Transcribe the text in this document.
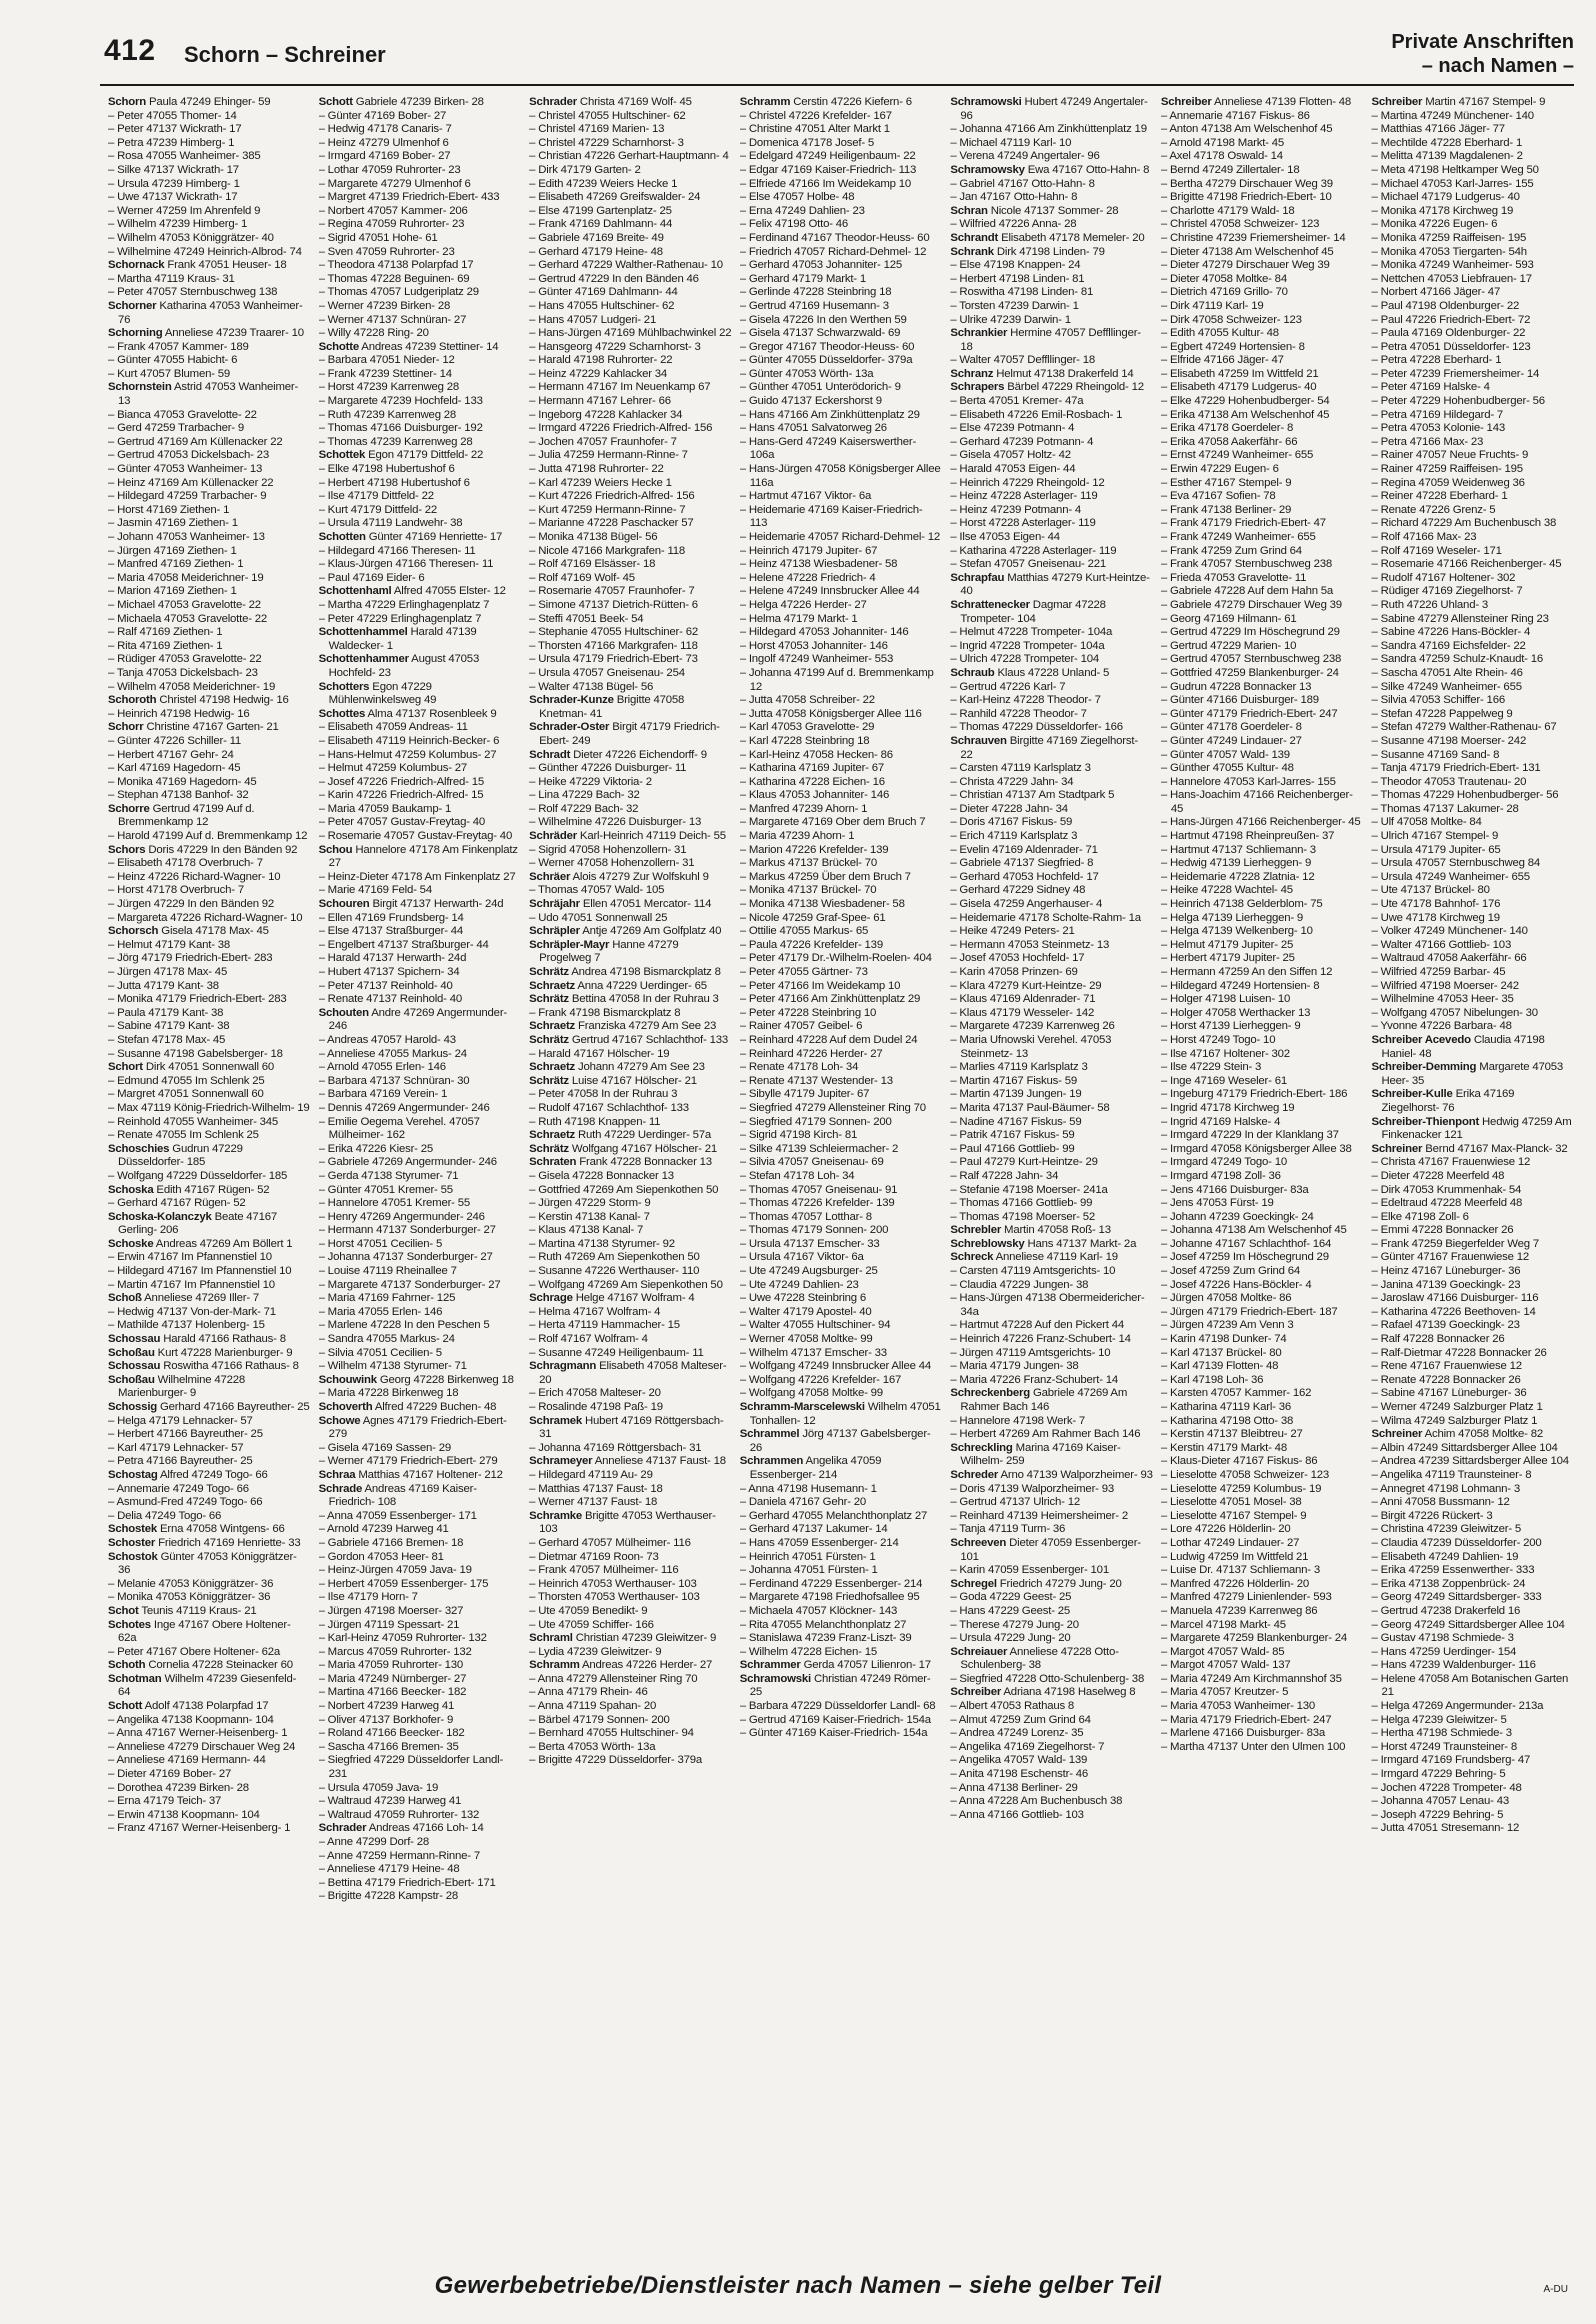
412 Schorn – Schreiner	Private Anschriften
– nach Namen –
Schorn Paula 47249 Ehinger- 59
– Peter 47055 Thomer- 14
– Peter 47137 Wickrath- 17
– Petra 47239 Himberg- 1
– Rosa 47055 Wanheimer- 385
– Silke 47137 Wickrath- 17
– Ursula 47239 Himberg- 1
– Uwe 47137 Wickrath- 17
– Werner 47259 Im Ahrenfeld 9
– Wilhelm 47239 Himberg- 1
– Wilhelm 47053 Königgrätzer- 40
– Wilhelmine 47249 Heinrich-Albrod- 74
Schornack Frank 47051 Heuser- 18
– Martha 47119 Kraus- 31
– Peter 47057 Sternbuschweg 138
Schorner Katharina 47053 Wanheimer- 76
Schorning Anneliese 47239 Traarer- 10
– Frank 47057 Kammer- 189
– Günter 47055 Habicht- 6
– Kurt 47057 Blumen- 59
Schornstein Astrid 47053 Wanheimer- 13
– Bianca 47053 Gravelotte- 22
– Gerd 47259 Trarbacher- 9
– Gertrud 47169 Am Küllenacker 22
– Gertrud 47053 Dickelsbach- 23
– Günter 47053 Wanheimer- 13
– Heinz 47169 Am Küllenacker 22
– Hildegard 47259 Trarbacher- 9
– Horst 47169 Ziethen- 1
– Jasmin 47169 Ziethen- 1
– Johann 47053 Wanheimer- 13
– Jürgen 47169 Ziethen- 1
– Manfred 47169 Ziethen- 1
– Maria 47058 Meiderichner- 19
– Marion 47169 Ziethen- 1
– Michael 47053 Gravelotte- 22
– Michaela 47053 Gravelotte- 22
– Ralf 47169 Ziethen- 1
– Rita 47169 Ziethen- 1
– Rüdiger 47053 Gravelotte- 22
– Tanja 47053 Dickelsbach- 23
– Wilhelm 47058 Meiderichner- 19
Schoroth Christel 47198 Hedwig- 16
– Heinrich 47198 Hedwig- 16
Schorr Christine 47167 Garten- 21
– Günter 47226 Schiller- 11
– Herbert 47167 Gehr- 24
– Karl 47169 Hagedorn- 45
– Monika 47169 Hagedorn- 45
– Stephan 47138 Banhof- 32
Schorre Gertrud 47199 Auf d. Bremmenkamp 12
– Harold 47199 Auf d. Bremmenkamp 12
Schors Doris 47229 In den Bänden 92
– Elisabeth 47178 Overbruch- 7
– Heinz 47226 Richard-Wagner- 10
– Horst 47178 Overbruch- 7
– Jürgen 47229 In den Bänden 92
– Margareta 47226 Richard-Wagner- 10
Schorsch Gisela 47178 Max- 45
– Helmut 47179 Kant- 38
– Jörg 47179 Friedrich-Ebert- 283
– Jürgen 47178 Max- 45
– Jutta 47179 Kant- 38
– Monika 47179 Friedrich-Ebert- 283
– Paula 47179 Kant- 38
– Sabine 47179 Kant- 38
– Stefan 47178 Max- 45
– Susanne 47198 Gabelsberger- 18
Schort Dirk 47051 Sonnenwall 60
– Edmund 47055 Im Schlenk 25
– Margret 47051 Sonnenwall 60
– Max 47119 König-Friedrich-Wilhelm- 19
– Reinhold 47055 Wanheimer- 345
– Renate 47055 Im Schlenk 25
Schoschies Gudrun 47229 Düsseldorfer- 185
– Wolfgang 47229 Düsseldorfer- 185
Schoska Edith 47167 Rügen- 52
– Gerhard 47167 Rügen- 52
Schoska-Kolanczyk Beate 47167 Gerling- 206
Schoske Andreas 47269 Am Böllert 1
– Erwin 47167 Im Pfannenstiel 10
– Hildegard 47167 Im Pfannenstiel 10
– Martin 47167 Im Pfannenstiel 10
Schoß Anneliese 47269 Iller- 7
– Hedwig 47137 Von-der-Mark- 71
– Mathilde 47137 Holenberg- 15
Schossau Harald 47166 Rathaus- 8
Schoßau Kurt 47228 Marienburger- 9
Schossau Roswitha 47166 Rathaus- 8
Schoßau Wilhelmine 47228 Marienburger- 9
Schossig Gerhard 47166 Bayreuther- 25
– Helga 47179 Lehnacker- 57
– Herbert 47166 Bayreuther- 25
– Karl 47179 Lehnacker- 57
– Petra 47166 Bayreuther- 25
Schostag Alfred 47249 Togo- 66
– Annemarie 47249 Togo- 66
– Asmund-Fred 47249 Togo- 66
– Delia 47249 Togo- 66
Schostek Erna 47058 Wintgens- 66
Schoster Friedrich 47169 Henriette- 33
Schostok Günter 47053 Königgrätzer- 36
– Melanie 47053 Königgrätzer- 36
– Monika 47053 Königgrätzer- 36
Schot Teunis 47119 Kraus- 21
Schotes Inge 47167 Obere Holtener- 62a
– Peter 47167 Obere Holtener- 62a
Schoth Cornelia 47228 Steinacker 60
Schotman Wilhelm 47239 Giesenfeld- 64
Schott Adolf 47138 Polarpfad 17
– Angelika 47138 Koopmann- 104
– Anna 47167 Werner-Heisenberg- 1
– Anneliese 47279 Dirschauer Weg 24
– Anneliese 47169 Hermann- 44
– Dieter 47169 Bober- 27
– Dorothea 47239 Birken- 28
– Erna 47179 Teich- 37
– Erwin 47138 Koopmann- 104
– Franz 47167 Werner-Heisenberg- 1
Schott Gabriele 47239 Birken- 28
– Günter 47169 Bober- 27
– Hedwig 47178 Canaris- 7
– Heinz 47279 Ulmenhof 6
– Irmgard 47169 Bober- 27
– Lothar 47059 Ruhrorter- 23
– Margarete 47279 Ulmenhof 6
– Margret 47139 Friedrich-Ebert- 433
– Norbert 47057 Kammer- 206
– Regina 47059 Ruhrorter- 23
– Sigrid 47051 Hohe- 61
– Sven 47059 Ruhrorter- 23
– Theodora 47138 Polarpfad 17
– Thomas 47228 Beguinen- 69
– Thomas 47057 Ludgeriplatz 29
– Werner 47239 Birken- 28
– Werner 47137 Schnüran- 27
– Willy 47228 Ring- 20
Schotte Andreas 47239 Stettiner- 14
– Barbara 47051 Nieder- 12
– Frank 47239 Stettiner- 14
– Horst 47239 Karrenweg 28
– Margarete 47239 Hochfeld- 133
– Ruth 47239 Karrenweg 28
– Thomas 47166 Duisburger- 192
– Thomas 47239 Karrenweg 28
Schottek Egon 47179 Dittfeld- 22
– Elke 47198 Hubertushof 6
– Herbert 47198 Hubertushof 6
– Ilse 47179 Dittfeld- 22
– Kurt 47179 Dittfeld- 22
– Ursula 47119 Landwehr- 38
Schotten Günter 47169 Henriette- 17
– Hildegard 47166 Theresen- 11
– Klaus-Jürgen 47166 Theresen- 11
– Paul 47169 Eider- 6
Schottenhaml Alfred 47055 Elster- 12
– Martha 47229 Erlinghagenplatz 7
– Peter 47229 Erlinghagenplatz 7
Schottenhammel Harald 47139 Waldecker- 1
Schottenhammer August 47053 Hochfeld- 23
Schotters Egon 47229 Mühlenwinkelsweg 49
Schottes Alma 47137 Rosenbleek 9
– Elisabeth 47059 Andreas- 11
– Elisabeth 47119 Heinrich-Becker- 6
– Hans-Helmut 47259 Kolumbus- 27
– Helmut 47259 Kolumbus- 27
– Josef 47226 Friedrich-Alfred- 15
– Karin 47226 Friedrich-Alfred- 15
– Maria 47059 Baukamp- 1
– Peter 47057 Gustav-Freytag- 40
– Rosemarie 47057 Gustav-Freytag- 40
Schou Hannelore 47178 Am Finkenplatz 27
– Heinz-Dieter 47178 Am Finkenplatz 27
– Marie 47169 Feld- 54
Schouren Birgit 47137 Herwarth- 24d
– Ellen 47169 Frundsberg- 14
– Else 47137 Straßburger- 44
– Engelbert 47137 Straßburger- 44
– Harald 47137 Herwarth- 24d
– Hubert 47137 Spichern- 34
– Peter 47137 Reinhold- 40
– Renate 47137 Reinhold- 40
Schouten Andre 47269 Angermunder- 246
– Andreas 47057 Harold- 43
– Anneliese 47055 Markus- 24
– Arnold 47055 Erlen- 146
– Barbara 47137 Schnüran- 30
– Barbara 47169 Verein- 1
– Dennis 47269 Angermunder- 246
– Emilie Oegema Verehel. 47057 Mülheimer- 162
– Erika 47226 Kiesr- 25
– Gabriele 47269 Angermunder- 246
– Gerda 47138 Styrumer- 71
– Günter 47051 Kremer- 55
– Hannelore 47051 Kremer- 55
– Henry 47269 Angermunder- 246
– Hermann 47137 Sonderburger- 27
– Horst 47051 Cecilien- 5
– Johanna 47137 Sonderburger- 27
– Louise 47119 Rheinallee 7
– Margarete 47137 Sonderburger- 27
– Maria 47169 Fahrner- 125
– Maria 47055 Erlen- 146
– Marlene 47228 In den Peschen 5
– Sandra 47055 Markus- 24
– Silvia 47051 Cecilien- 5
– Wilhelm 47138 Styrumer- 71
Schouwink Georg 47228 Birkenweg 18
– Maria 47228 Birkenweg 18
Schoverth Alfred 47229 Buchen- 48
Schowe Agnes 47179 Friedrich-Ebert- 279
– Gisela 47169 Sassen- 29
– Werner 47179 Friedrich-Ebert- 279
Schraa Matthias 47167 Holtener- 212
Schrade Andreas 47169 Kaiser-Friedrich- 108
– Anna 47059 Essenberger- 171
– Arnold 47239 Harweg 41
– Gabriele 47166 Bremen- 18
– Gordon 47053 Heer- 81
– Heinz-Jürgen 47059 Java- 19
– Herbert 47059 Essenberger- 175
– Ilse 47179 Horn- 7
– Jürgen 47198 Moerser- 327
– Jürgen 47119 Spessart- 21
– Karl-Heinz 47059 Ruhrorter- 132
– Marcus 47059 Ruhrorter- 132
– Maria 47059 Ruhrorter- 130
– Maria 47249 Nürnberger- 27
– Martina 47166 Beecker- 182
– Norbert 47239 Harweg 41
– Oliver 47137 Borkhofer- 9
– Roland 47166 Beecker- 182
– Sascha 47166 Bremen- 35
– Siegfried 47229 Düsseldorfer Landl- 231
– Ursula 47059 Java- 19
– Waltraud 47239 Harweg 41
– Waltraud 47059 Ruhrorter- 132
Schrader Andreas 47166 Loh- 14
– Anne 47299 Dorf- 28
– Anne 47259 Hermann-Rinne- 7
– Anneliese 47179 Heine- 48
– Bettina 47179 Friedrich-Ebert- 171
– Brigitte 47228 Kampstr- 28
Schrader Christa 47169 Wolf- 45
– Christel 47055 Hultschiner- 62
– Christel 47169 Marien- 13
– Christel 47229 Scharnhorst- 3
– Christian 47226 Gerhart-Hauptmann- 4
– Dirk 47179 Garten- 2
– Edith 47239 Weiers Hecke 1
– Elisabeth 47269 Greifswalder- 24
– Else 47199 Gartenplatz- 25
– Frank 47169 Dahlmann- 44
– Gabriele 47169 Breite- 49
– Gerhard 47179 Heine- 48
– Gerhard 47229 Walther-Rathenau- 10
– Gertrud 47229 In den Bänden 46
– Günter 47169 Dahlmann- 44
– Hans 47055 Hultschiner- 62
– Hans 47057 Ludgeri- 21
– Hans-Jürgen 47169 Mühlbachwinkel 22
– Hansgeorg 47229 Scharnhorst- 3
– Harald 47198 Ruhrorter- 22
– Heinz 47229 Kahlacker 34
– Hermann 47167 Im Neuenkamp 67
– Hermann 47167 Lehrer- 66
– Ingeborg 47228 Kahlacker 34
– Irmgard 47226 Friedrich-Alfred- 156
– Jochen 47057 Fraunhofer- 7
– Julia 47259 Hermann-Rinne- 7
– Jutta 47198 Ruhrorter- 22
– Karl 47239 Weiers Hecke 1
– Kurt 47226 Friedrich-Alfred- 156
– Kurt 47259 Hermann-Rinne- 7
– Marianne 47228 Paschacker 57
– Monika 47138 Bügel- 56
– Nicole 47166 Markgrafen- 118
– Rolf 47169 Elsässer- 18
– Rolf 47169 Wolf- 45
– Rosemarie 47057 Fraunhofer- 7
– Simone 47137 Dietrich-Rütten- 6
– Steffi 47051 Beek- 54
– Stephanie 47055 Hultschiner- 62
– Thorsten 47166 Markgrafen- 118
– Ursula 47179 Friedrich-Ebert- 73
– Ursula 47057 Gneisenau- 254
– Walter 47138 Bügel- 56
Schrader-Kunze Brigitte 47058 Knetman- 41
Schrader-Oster Birgit 47179 Friedrich-Ebert- 249
Schradt Dieter 47226 Eichendorff- 9
– Günther 47226 Duisburger- 11
– Heike 47229 Viktoria- 2
– Lina 47229 Bach- 32
– Rolf 47229 Bach- 32
– Wilhelmine 47226 Duisburger- 13
Schräder Karl-Heinrich 47119 Deich- 55
– Sigrid 47058 Hohenzollern- 31
– Werner 47058 Hohenzollern- 31
Schräer Alois 47279 Zur Wolfskuhl 9
– Thomas 47057 Wald- 105
Schräjahr Ellen 47051 Mercator- 114
– Udo 47051 Sonnenwall 25
Schräpler Antje 47269 Am Golfplatz 40
Schräpler-Mayr Hanne 47279 Progelweg 7
Schrätz Andrea 47198 Bismarckplatz 8
Schraetz Anna 47229 Uerdinger- 65
Schrätz Bettina 47058 In der Ruhrau 3
– Frank 47198 Bismarckplatz 8
Schraetz Franziska 47279 Am See 23
Schrätz Gertrud 47167 Schlachthof- 133
– Harald 47167 Hölscher- 19
Schraetz Johann 47279 Am See 23
Schrätz Luise 47167 Hölscher- 21
– Peter 47058 In der Ruhrau 3
– Rudolf 47167 Schlachthof- 133
– Ruth 47198 Knappen- 11
Schraetz Ruth 47229 Uerdinger- 57a
Schrätz Wolfgang 47167 Hölscher- 21
Schraten Frank 47228 Bonnacker 13
– Gisela 47228 Bonnacker 13
– Gottfried 47269 Am Siepenkothen 50
– Jürgen 47229 Storm- 9
– Kerstin 47138 Kanal- 7
– Klaus 47138 Kanal- 7
– Martina 47138 Styrumer- 92
– Ruth 47269 Am Siepenkothen 50
– Susanne 47226 Werthauser- 110
– Wolfgang 47269 Am Siepenkothen 50
Schrage Helge 47167 Wolfram- 4
– Helma 47167 Wolfram- 4
– Herta 47119 Hammacher- 15
– Rolf 47167 Wolfram- 4
– Susanne 47249 Heiligenbaum- 11
Schragmann Elisabeth 47058 Malteser- 20
– Erich 47058 Malteser- 20
– Rosalinde 47198 Paß- 19
Schramek Hubert 47169 Röttgersbach- 31
– Johanna 47169 Röttgersbach- 31
Schrameyer Anneliese 47137 Faust- 18
– Hildegard 47119 Au- 29
– Matthias 47137 Faust- 18
– Werner 47137 Faust- 18
Schramke Brigitte 47053 Werthauser- 103
– Gerhard 47057 Mülheimer- 116
– Dietmar 47169 Roon- 73
– Frank 47057 Mülheimer- 116
– Heinrich 47053 Werthauser- 103
– Thorsten 47053 Werthauser- 103
– Ute 47059 Benedikt- 9
– Ute 47059 Schiffer- 166
Schraml Christian 47239 Gleiwitzer- 9
– Lydia 47239 Gleiwitzer- 9
Schramm Andreas 47226 Herder- 27
– Anna 47279 Allensteiner Ring 70
– Anna 47179 Rhein- 46
– Anna 47119 Spahan- 20
– Bärbel 47179 Sonnen- 200
– Bernhard 47055 Hultschiner- 94
– Berta 47053 Wörth- 13a
– Brigitte 47229 Düsseldorfer- 379a
Schramm Cerstin 47226 Kiefern- 6
– Christel 47226 Krefelder- 167
– Christine 47051 Alter Markt 1
– Domenica 47178 Josef- 5
– Edelgard 47249 Heiligenbaum- 22
– Edgar 47169 Kaiser-Friedrich- 113
– Elfriede 47166 Im Weidekamp 10
– Else 47057 Holbe- 48
– Erna 47249 Dahlien- 23
– Felix 47198 Otto- 46
– Ferdinand 47167 Theodor-Heuss- 60
– Friedrich 47057 Richard-Dehmel- 12
– Gerhard 47053 Johanniter- 125
– Gerhard 47179 Markt- 1
– Gerlinde 47228 Steinbring 18
– Gertrud 47169 Husemann- 3
– Gisela 47226 In den Werthen 59
– Gisela 47137 Schwarzwald- 69
– Gregor 47167 Theodor-Heuss- 60
– Günter 47055 Düsseldorfer- 379a
– Günter 47053 Wörth- 13a
– Günther 47051 Unterödorich- 9
– Guido 47137 Eckershorst 9
– Hans 47166 Am Zinkhüttenplatz 29
– Hans 47051 Salvatorweg 26
– Hans-Gerd 47249 Kaiserswerther- 106a
– Hans-Jürgen 47058 Königsberger Allee 116a
– Hartmut 47167 Viktor- 6a
– Heidemarie 47169 Kaiser-Friedrich- 113
– Heidemarie 47057 Richard-Dehmel- 12
– Heinrich 47179 Jupiter- 67
– Heinz 47138 Wiesbadener- 58
– Helene 47228 Friedrich- 4
– Helene 47249 Innsbrucker Allee 44
– Helga 47226 Herder- 27
– Helma 47179 Markt- 1
– Hildegard 47053 Johanniter- 146
– Horst 47053 Johanniter- 146
– Ingolf 47249 Wanheimer- 553
– Johanna 47199 Auf d. Bremmenkamp 12
– Jutta 47058 Schreiber- 22
– Jutta 47058 Königsberger Allee 116
– Karl 47053 Gravelotte- 29
– Karl 47228 Steinbring 18
– Karl-Heinz 47058 Hecken- 86
– Katharina 47169 Jupiter- 67
– Katharina 47228 Eichen- 16
– Klaus 47053 Johanniter- 146
– Manfred 47239 Ahorn- 1
– Margarete 47169 Ober dem Bruch 7
– Maria 47239 Ahorn- 1
– Marion 47226 Krefelder- 139
– Markus 47137 Brückel- 70
– Markus 47259 Über dem Bruch 7
– Monika 47137 Brückel- 70
– Monika 47138 Wiesbadener- 58
– Nicole 47259 Graf-Spee- 61
– Ottilie 47055 Markus- 65
– Paula 47226 Krefelder- 139
– Peter 47179 Dr.-Wilhelm-Roelen- 404
– Peter 47055 Gärtner- 73
– Peter 47166 Im Weidekamp 10
– Peter 47166 Am Zinkhüttenplatz 29
– Peter 47228 Steinbring 10
– Rainer 47057 Geibel- 6
– Reinhard 47228 Auf dem Dudel 24
– Reinhard 47226 Herder- 27
– Renate 47178 Loh- 34
– Renate 47137 Westender- 13
– Sibylle 47179 Jupiter- 67
– Siegfried 47279 Allensteiner Ring 70
– Siegfried 47179 Sonnen- 200
– Sigrid 47198 Kirch- 81
– Silke 47139 Schleiermacher- 2
– Silvia 47057 Gneisenau- 69
– Stefan 47178 Loh- 34
– Thomas 47057 Gneisenau- 91
– Thomas 47226 Krefelder- 139
– Thomas 47057 Lotthar- 8
– Thomas 47179 Sonnen- 200
– Ursula 47137 Emscher- 33
– Ursula 47167 Viktor- 6a
– Ute 47249 Augsburger- 25
– Ute 47249 Dahlien- 23
– Uwe 47228 Steinbring 6
– Walter 47179 Apostel- 40
– Walter 47055 Hultschiner- 94
– Werner 47058 Moltke- 99
– Wilhelm 47137 Emscher- 33
– Wolfgang 47249 Innsbrucker Allee 44
– Wolfgang 47226 Krefelder- 167
– Wolfgang 47058 Moltke- 99
Schramm-Marscelewski Wilhelm 47051 Tonhallen- 12
Schrammel Jörg 47137 Gabelsberger- 26
Schrammen Angelika 47059 Essenberger- 214
– Anna 47198 Husemann- 1
– Daniela 47167 Gehr- 20
– Gerhard 47055 Melanchthonplatz 27
– Gerhard 47137 Lakumer- 14
– Hans 47059 Essenberger- 214
– Heinrich 47051 Fürsten- 1
– Johanna 47051 Fürsten- 1
– Ferdinand 47229 Essenberger- 214
– Margarete 47198 Friedhofsallee 95
– Michaela 47057 Klöckner- 143
– Rita 47055 Melanchthonplatz 27
– Stanislawa 47239 Franz-Liszt- 39
– Wilhelm 47228 Eichen- 15
Schrammer Gerda 47057 Lilienron- 17
Schramowski Christian 47249 Römer- 25
– Barbara 47229 Düsseldorfer Landl- 68
– Gertrud 47169 Kaiser-Friedrich- 154a
– Günter 47169 Kaiser-Friedrich- 154a
Schramowski Hubert 47249 Angertaler- 96
– Johanna 47166 Am Zinkhüttenplatz 19
– Michael 47119 Karl- 10
– Verena 47249 Angertaler- 96
Schramowsky Ewa 47167 Otto-Hahn- 8
– Gabriel 47167 Otto-Hahn- 8
– Jan 47167 Otto-Hahn- 8
Schran Nicole 47137 Sommer- 28
– Wilfried 47226 Anna- 28
Schrandt Elisabeth 47178 Memeler- 20
Schrank Dirk 47198 Linden- 79
– Else 47198 Knappen- 24
– Herbert 47198 Linden- 81
– Roswitha 47198 Linden- 81
– Torsten 47239 Darwin- 1
– Ulrike 47239 Darwin- 1
Schrankier Hermine 47057 Deffllinger- 18
– Walter 47057 Deffllinger- 18
Schranz Helmut 47138 Drakerfeld 14
Schrapers Bärbel 47229 Rheingold- 12
– Berta 47051 Kremer- 47a
– Elisabeth 47226 Emil-Rosbach- 1
– Else 47239 Potmann- 4
– Gerhard 47239 Potmann- 4
– Gisela 47057 Holtz- 42
– Harald 47053 Eigen- 44
– Heinrich 47229 Rheingold- 12
– Heinz 47228 Asterlager- 119
– Heinz 47239 Potmann- 4
– Horst 47228 Asterlager- 119
– Ilse 47053 Eigen- 44
– Katharina 47228 Asterlager- 119
– Stefan 47057 Gneisenau- 221
Schrapfau Matthias 47279 Kurt-Heintze- 40
Schrattenecker Dagmar 47228 Trompeter- 104
– Helmut 47228 Trompeter- 104a
– Ingrid 47228 Trompeter- 104a
– Ulrich 47228 Trompeter- 104
Schraub Klaus 47228 Unland- 5
– Gertrud 47226 Karl- 7
– Karl-Heinz 47228 Theodor- 7
– Ranhild 47228 Theodor- 7
– Thomas 47229 Düsseldorfer- 166
Schrauven Birgitte 47169 Ziegelhorst- 22
– Carsten 47119 Karlsplatz 3
– Christa 47229 Jahn- 34
– Christian 47137 Am Stadtpark 5
– Dieter 47228 Jahn- 34
– Doris 47167 Fiskus- 59
– Erich 47119 Karlsplatz 3
– Evelin 47169 Aldenrader- 71
– Gabriele 47137 Siegfried- 8
– Gerhard 47053 Hochfeld- 17
– Gerhard 47229 Sidney 48
– Gisela 47259 Angerhauser- 4
– Heidemarie 47178 Scholte-Rahm- 1a
– Heike 47249 Peters- 21
– Hermann 47053 Steinmetz- 13
– Josef 47053 Hochfeld- 17
– Karin 47058 Prinzen- 69
– Klara 47279 Kurt-Heintze- 29
– Klaus 47169 Aldenrader- 71
– Klaus 47179 Wesseler- 142
– Margarete 47239 Karrenweg 26
– Maria Ufnowski Verehel. 47053 Steinmetz- 13
– Marlies 47119 Karlsplatz 3
– Martin 47167 Fiskus- 59
– Martin 47139 Jungen- 19
– Marita 47137 Paul-Bäumer- 58
– Nadine 47167 Fiskus- 59
– Patrik 47167 Fiskus- 59
– Paul 47166 Gottlieb- 99
– Paul 47279 Kurt-Heintze- 29
– Ralf 47228 Jahn- 34
– Stefanie 47198 Moerser- 241a
– Thomas 47166 Gottlieb- 99
– Thomas 47198 Moerser- 52
Schrebler Martin 47058 Roß- 13
Schreblowsky Hans 47137 Markt- 2a
Schreck Anneliese 47119 Karl- 19
– Carsten 47119 Amtsgerichts- 10
– Claudia 47229 Jungen- 38
– Hans-Jürgen 47138 Obermeidericher- 34a
– Hartmut 47228 Auf den Pickert 44
– Heinrich 47226 Franz-Schubert- 14
– Jürgen 47119 Amtsgerichts- 10
– Maria 47179 Jungen- 38
– Maria 47226 Franz-Schubert- 14
Schreckenberg Gabriele 47269 Am Rahmer Bach 146
– Hannelore 47198 Werk- 7
– Herbert 47269 Am Rahmer Bach 146
Schreckling Marina 47169 Kaiser-Wilhelm- 259
Schreder Arno 47139 Walporzheimer- 93
– Doris 47139 Walporzheimer- 93
– Gertrud 47137 Ulrich- 12
– Reinhard 47139 Heimersheimer- 2
– Tanja 47119 Turm- 36
Schreeven Dieter 47059 Essenberger- 101
– Karin 47059 Essenberger- 101
Schregel Friedrich 47279 Jung- 20
– Goda 47229 Geest- 25
– Hans 47229 Geest- 25
– Therese 47279 Jung- 20
– Ursula 47229 Jung- 20
Schreiauer Anneliese 47228 Otto-Schulenberg- 38
– Siegfried 47228 Otto-Schulenberg- 38
Schreiber Adriana 47198 Haselweg 8
– Albert 47053 Rathaus 8
– Almut 47259 Zum Grind 64
– Andrea 47249 Lorenz- 35
– Angelika 47169 Ziegelhorst- 7
– Angelika 47057 Wald- 139
– Anita 47198 Eschenstr- 46
– Anna 47138 Berliner- 29
– Anna 47228 Am Buchenbusch 38
– Anna 47166 Gottlieb- 103
Schreiber Anneliese 47139 Flotten- 48
– Annemarie 47167 Fiskus- 86
– Anton 47138 Am Welschenhof 45
– Arnold 47198 Markt- 45
– Axel 47178 Oswald- 14
– Bernd 47249 Zillertaler- 18
– Bertha 47279 Dirschauer Weg 39
– Brigitte 47198 Friedrich-Ebert- 10
– Charlotte 47179 Wald- 18
– Christel 47058 Schweizer- 123
– Christine 47239 Friemersheimer- 14
– Dieter 47138 Am Welschenhof 45
– Dieter 47279 Dirschauer Weg 39
– Dieter 47058 Moltke- 84
– Dietrich 47169 Grillo- 70
– Dirk 47119 Karl- 19
– Dirk 47058 Schweizer- 123
– Edith 47055 Kultur- 48
– Egbert 47249 Hortensien- 8
– Elfride 47166 Jäger- 47
– Elisabeth 47259 Im Wittfeld 21
– Elisabeth 47179 Ludgerus- 40
– Elke 47229 Hohenbudberger- 54
– Erika 47138 Am Welschenhof 45
– Erika 47178 Goerdeler- 8
– Erika 47058 Aakerfähr- 66
– Ernst 47249 Wanheimer- 655
– Erwin 47229 Eugen- 6
– Esther 47167 Stempel- 9
– Eva 47167 Sofien- 78
– Frank 47138 Berliner- 29
– Frank 47179 Friedrich-Ebert- 47
– Frank 47249 Wanheimer- 655
– Frank 47259 Zum Grind 64
– Frank 47057 Sternbuschweg 238
– Frieda 47053 Gravelotte- 11
– Gabriele 47228 Auf dem Hahn 5a
– Gabriele 47279 Dirschauer Weg 39
– Georg 47169 Hilmann- 61
– Gertrud 47229 Im Höschegrund 29
– Gertrud 47229 Marien- 10
– Gertrud 47057 Sternbuschweg 238
– Gottfried 47259 Blankenburger- 24
– Gudrun 47228 Bonnacker 13
– Günter 47166 Duisburger- 189
– Günter 47179 Friedrich-Ebert- 247
– Günter 47178 Goerdeler- 8
– Günter 47249 Lindauer- 27
– Günter 47057 Wald- 139
– Günther 47055 Kultur- 48
– Hannelore 47053 Karl-Jarres- 155
– Hans-Joachim 47166 Reichenberger- 45
– Hans-Jürgen 47166 Reichenberger- 45
– Hartmut 47198 Rheinpreußen- 37
– Hartmut 47137 Schliemann- 3
– Hedwig 47139 Lierheggen- 9
– Heidemarie 47228 Zlatnia- 12
– Heike 47228 Wachtel- 45
– Heinrich 47138 Gelderblom- 75
– Helga 47139 Lierheggen- 9
– Helga 47139 Welkenberg- 10
– Helmut 47179 Jupiter- 25
– Herbert 47179 Jupiter- 25
– Hermann 47259 An den Siffen 12
– Hildegard 47249 Hortensien- 8
– Holger 47198 Luisen- 10
– Holger 47058 Werthacker 13
– Horst 47139 Lierheggen- 9
– Horst 47249 Togo- 10
– Ilse 47167 Holtener- 302
– Ilse 47229 Stein- 3
– Inge 47169 Weseler- 61
– Ingeburg 47179 Friedrich-Ebert- 186
– Ingrid 47178 Kirchweg 19
– Ingrid 47169 Halske- 4
– Irmgard 47229 In der Klanklang 37
– Irmgard 47058 Königsberger Allee 38
– Irmgard 47249 Togo- 10
– Irmgard 47198 Zoll- 36
– Jens 47166 Duisburger- 83a
– Jens 47053 Fürst- 19
– Johann 47239 Goeckingk- 24
– Johanna 47138 Am Welschenhof 45
– Johanne 47167 Schlachthof- 164
– Josef 47259 Im Höschegrund 29
– Josef 47259 Zum Grind 64
– Josef 47226 Hans-Böckler- 4
– Jürgen 47058 Moltke- 86
– Jürgen 47179 Friedrich-Ebert- 187
– Jürgen 47239 Am Venn 3
– Karin 47198 Dunker- 74
– Karl 47137 Brückel- 80
– Karl 47139 Flotten- 48
– Karl 47198 Loh- 36
– Karsten 47057 Kammer- 162
– Katharina 47119 Karl- 36
– Katharina 47198 Otto- 38
– Kerstin 47137 Bleibtreu- 27
– Kerstin 47179 Markt- 48
– Klaus-Dieter 47167 Fiskus- 86
– Lieselotte 47058 Schweizer- 123
– Lieselotte 47259 Kolumbus- 19
– Lieselotte 47051 Mosel- 38
– Lieselotte 47167 Stempel- 9
– Lore 47226 Hölderlin- 20
– Lothar 47249 Lindauer- 27
– Ludwig 47259 Im Wittfeld 21
– Luise Dr. 47137 Schliemann- 3
– Manfred 47226 Hölderlin- 20
– Manfred 47279 Linienlender- 593
– Manuela 47239 Karrenweg 86
– Marcel 47198 Markt- 45
– Margarete 47259 Blankenburger- 24
– Margot 47057 Wald- 85
– Margot 47057 Wald- 137
– Maria 47249 Am Kirchmannshof 35
– Maria 47057 Kreutzer- 5
– Maria 47053 Wanheimer- 130
– Maria 47179 Friedrich-Ebert- 247
– Marlene 47166 Duisburger- 83a
– Martha 47137 Unter den Ulmen 100
Schreiber Martin 47167 Stempel- 9
– Martina 47249 Münchener- 140
– Matthias 47166 Jäger- 77
– Mechtilde 47228 Eberhard- 1
– Melitta 47139 Magdalenen- 2
– Meta 47198 Heltkamper Weg 50
– Michael 47053 Karl-Jarres- 155
– Michael 47179 Ludgerus- 40
– Monika 47178 Kirchweg 19
– Monika 47226 Eugen- 6
– Monika 47259 Raiffeisen- 195
– Monika 47053 Tiergarten- 54h
– Monika 47249 Wanheimer- 593
– Nettchen 47053 Liebfrauen- 17
– Norbert 47166 Jäger- 47
– Paul 47198 Oldenburger- 22
– Paul 47226 Friedrich-Ebert- 72
– Paula 47169 Oldenburger- 22
– Petra 47051 Düsseldorfer- 123
– Petra 47228 Eberhard- 1
– Peter 47239 Friemersheimer- 14
– Peter 47169 Halske- 4
– Peter 47229 Hohenbudberger- 56
– Petra 47169 Hildegard- 7
– Petra 47053 Kolonie- 143
– Petra 47166 Max- 23
– Rainer 47057 Neue Fruchts- 9
– Rainer 47259 Raiffeisen- 195
– Regina 47059 Weidenweg 36
– Reiner 47228 Eberhard- 1
– Renate 47226 Grenz- 5
– Richard 47229 Am Buchenbusch 38
– Rolf 47166 Max- 23
– Rolf 47169 Weseler- 171
– Rosemarie 47166 Reichenberger- 45
– Rudolf 47167 Holtener- 302
– Rüdiger 47169 Ziegelhorst- 7
– Ruth 47226 Uhland- 3
– Sabine 47279 Allensteiner Ring 23
– Sabine 47226 Hans-Böckler- 4
– Sandra 47169 Eichsfelder- 22
– Sandra 47259 Schulz-Knaudt- 16
– Sascha 47051 Alte Rhein- 46
– Silke 47249 Wanheimer- 655
– Silvia 47053 Schiffer- 166
– Stefan 47228 Pappelweg 9
– Stefan 47279 Walther-Rathenau- 67
– Susanne 47198 Moerser- 242
– Susanne 47169 Sand- 8
– Tanja 47179 Friedrich-Ebert- 131
– Theodor 47053 Trautenau- 20
– Thomas 47229 Hohenbudberger- 56
– Thomas 47137 Lakumer- 28
– Ulf 47058 Moltke- 84
– Ulrich 47167 Stempel- 9
– Ursula 47179 Jupiter- 65
– Ursula 47057 Sternbuschweg 84
– Ursula 47249 Wanheimer- 655
– Ute 47137 Brückel- 80
– Ute 47178 Bahnhof- 176
– Uwe 47178 Kirchweg 19
– Volker 47249 Münchener- 140
– Walter 47166 Gottlieb- 103
– Waltraud 47058 Aakerfähr- 66
– Wilfried 47259 Barbar- 45
– Wilfried 47198 Moerser- 242
– Wilhelmine 47053 Heer- 35
– Wolfgang 47057 Nibelungen- 30
– Yvonne 47226 Barbara- 48
Schreiber Acevedo Claudia 47198 Haniel- 48
Schreiber-Demming Margarete 47053 Heer- 35
Schreiber-Kulle Erika 47169 Ziegelhorst- 76
Schreiber-Thienpont Hedwig 47259 Am Finkenacker 121
Schreiner Bernd 47167 Max-Planck- 32
– Christa 47167 Frauenwiese 12
– Dieter 47228 Meerfeld 48
– Dirk 47053 Krummenhak- 54
– Edeltraud 47228 Meerfeld 48
– Elke 47198 Zoll- 6
– Emmi 47228 Bonnacker 26
– Frank 47259 Biegerfelder Weg 7
– Günter 47167 Frauenwiese 12
– Heinz 47167 Lüneburger- 36
– Janina 47139 Goeckingk- 23
– Jaroslaw 47166 Duisburger- 116
– Katharina 47226 Beethoven- 14
– Rafael 47139 Goeckingk- 23
– Ralf 47228 Bonnacker 26
– Ralf-Dietmar 47228 Bonnacker 26
– Rene 47167 Frauenwiese 12
– Renate 47228 Bonnacker 26
– Sabine 47167 Lüneburger- 36
– Werner 47249 Salzburger Platz 1
– Wilma 47249 Salzburger Platz 1
Schreiner Achim 47058 Moltke- 82
– Albin 47249 Sittardsberger Allee 104
– Andrea 47239 Sittardsberger Allee 104
– Angelika 47119 Traunsteiner- 8
– Annegret 47198 Lohmann- 3
– Anni 47058 Bussmann- 12
– Birgit 47226 Rückert- 3
– Christina 47239 Gleiwitzer- 5
– Claudia 47239 Düsseldorfer- 200
– Elisabeth 47249 Dahlien- 19
– Erika 47259 Essenwerther- 333
– Erika 47138 Zoppenbrück- 24
– Georg 47249 Sittardsberger- 333
– Gertrud 47238 Drakerfeld 16
– Georg 47249 Sittardsberger Allee 104
– Gustav 47198 Schmiede- 3
– Hans 47259 Uerdinger- 154
– Hans 47239 Waldenburger- 116
– Helene 47058 Am Botanischen Garten 21
– Helga 47269 Angermunder- 213a
– Helga 47239 Gleiwitzer- 5
– Hertha 47198 Schmiede- 3
– Horst 47249 Traunsteiner- 8
– Irmgard 47169 Frundsberg- 47
– Irmgard 47229 Behring- 5
– Jochen 47228 Trompeter- 48
– Johanna 47057 Lenau- 43
– Joseph 47229 Behring- 5
– Jutta 47051 Stresemann- 12
Gewerbebetriebe/Dienstleister nach Namen – siehe gelber Teil	A-DU
